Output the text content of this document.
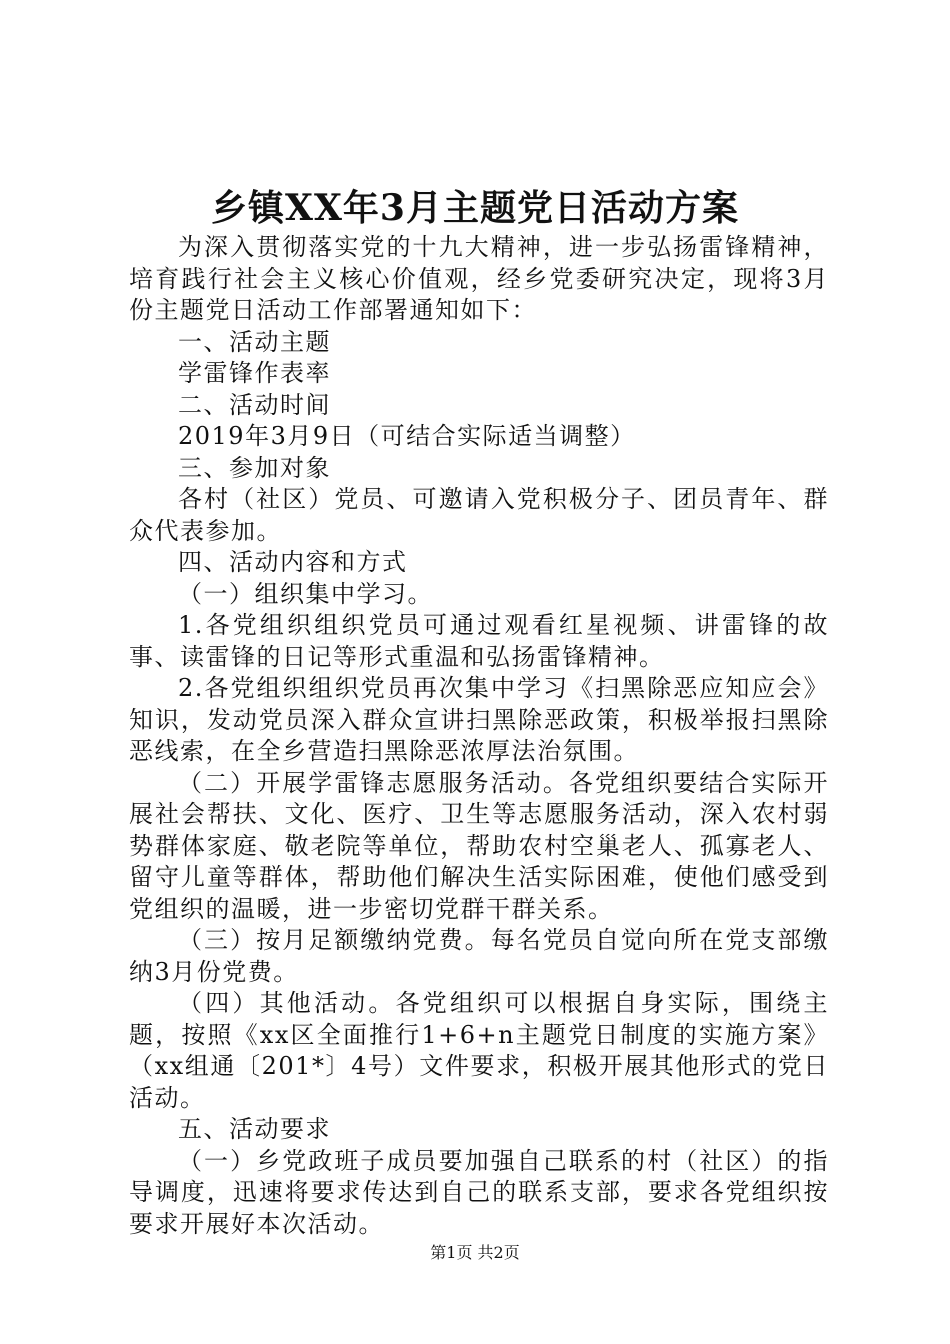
乡镇XX年3月主题党日活动方案

为深入贯彻落实党的十九大精神，进一步弘扬雷锋精神，培育践行社会主义核心价值观，经乡党委研究决定，现将3月份主题党日活动工作部署通知如下：

一、活动主题

学雷锋作表率

二、活动时间

2019年3月9日（可结合实际适当调整）

三、参加对象

各村（社区）党员、可邀请入党积极分子、团员青年、群众代表参加。

四、活动内容和方式

（一）组织集中学习。

1.各党组织组织党员可通过观看红星视频、讲雷锋的故事、读雷锋的日记等形式重温和弘扬雷锋精神。

2.各党组织组织党员再次集中学习《扫黑除恶应知应会》知识，发动党员深入群众宣讲扫黑除恶政策，积极举报扫黑除恶线索，在全乡营造扫黑除恶浓厚法治氛围。

（二）开展学雷锋志愿服务活动。各党组织要结合实际开展社会帮扶、文化、医疗、卫生等志愿服务活动，深入农村弱势群体家庭、敬老院等单位，帮助农村空巢老人、孤寡老人、留守儿童等群体，帮助他们解决生活实际困难，使他们感受到党组织的温暖，进一步密切党群干群关系。

（三）按月足额缴纳党费。每名党员自觉向所在党支部缴纳3月份党费。

（四）其他活动。各党组织可以根据自身实际，围绕主题，按照《xx区全面推行1+6+n主题党日制度的实施方案》（xx组通〔201*〕4号）文件要求，积极开展其他形式的党日活动。

五、活动要求

（一）乡党政班子成员要加强自己联系的村（社区）的指导调度，迅速将要求传达到自己的联系支部，要求各党组织按要求开展好本次活动。

第1页 共2页
